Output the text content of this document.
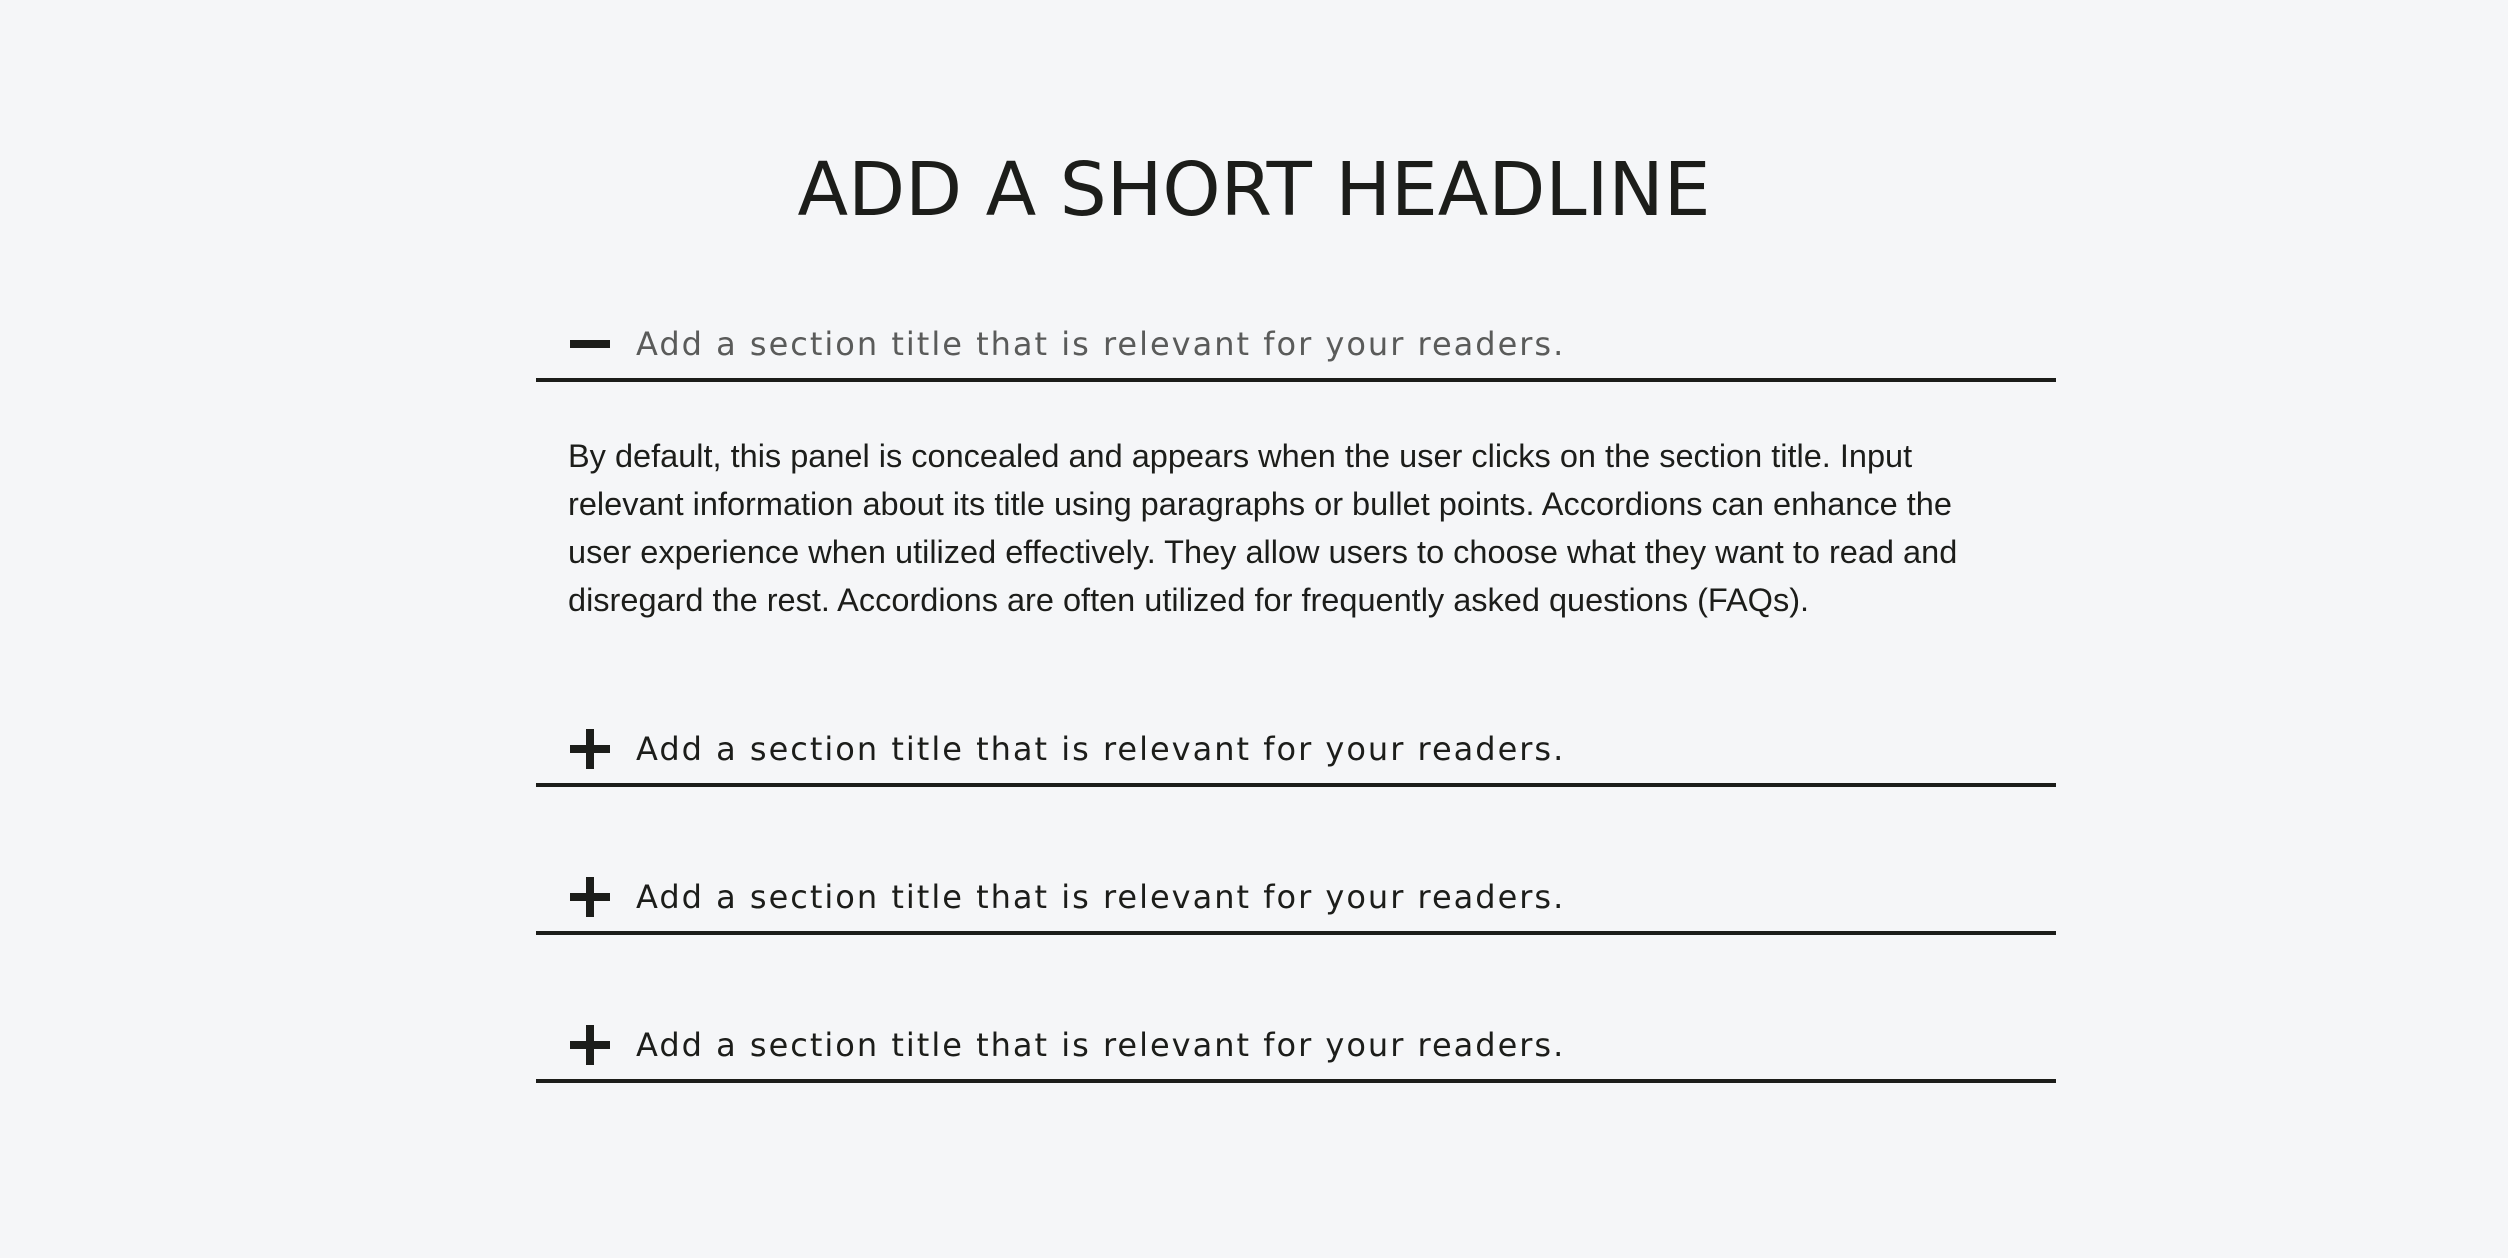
ADD A SHORT HEADLINE
Add a section title that is relevant for your readers.

By default, this panel is concealed and appears when the user clicks on the section title. Input relevant information about its title using paragraphs or bullet points. Accordions can enhance the user experience when utilized effectively. They allow users to choose what they want to read and disregard the rest. Accordions are often utilized for frequently asked questions (FAQs).

Add a section title that is relevant for your readers.
Add a section title that is relevant for your readers.
Add a section title that is relevant for your readers.
